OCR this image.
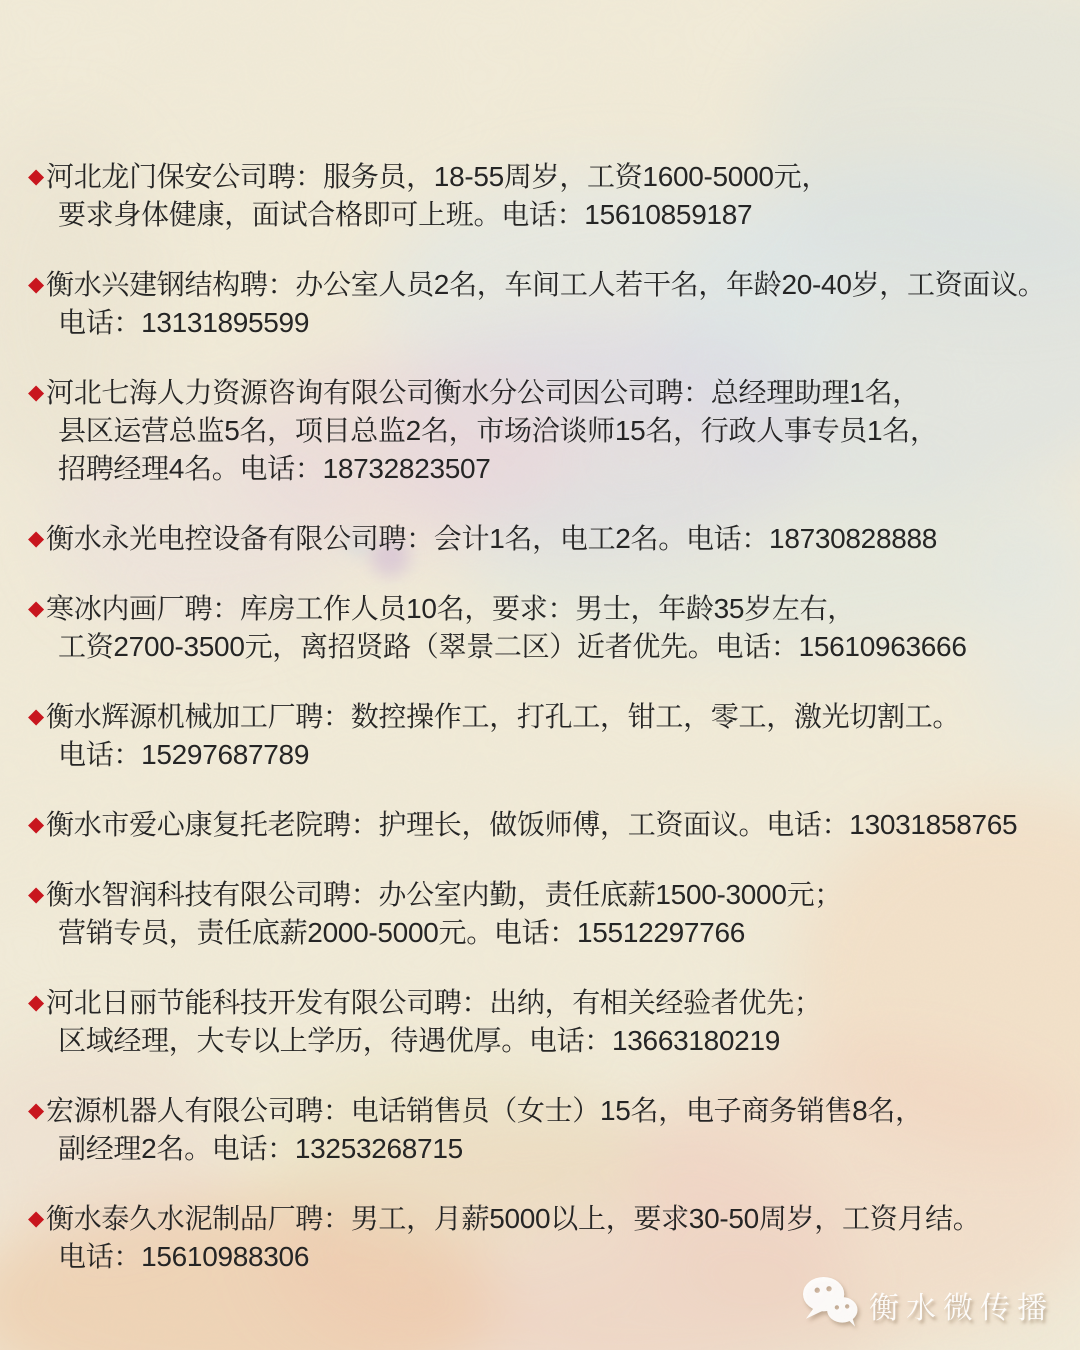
◆ 河北龙门保安公司聘：服务员，18-55周岁，工资1600-5000元，
要求身体健康，面试合格即可上班。电话：15610859187
◆ 衡水兴建钢结构聘：办公室人员2名，车间工人若干名，年龄20-40岁，工资面议。
电话：13131895599
◆ 河北七海人力资源咨询有限公司衡水分公司因公司聘：总经理助理1名，
县区运营总监5名，项目总监2名，市场洽谈师15名，行政人事专员1名，
招聘经理4名。电话：18732823507
◆ 衡水永光电控设备有限公司聘：会计1名，电工2名。电话：18730828888
◆ 寒冰内画厂聘：库房工作人员10名，要求：男士，年龄35岁左右，
工资2700-3500元，离招贤路（翠景二区）近者优先。电话：15610963666
◆ 衡水辉源机械加工厂聘：数控操作工，打孔工，钳工，零工，激光切割工。
电话：15297687789
◆ 衡水市爱心康复托老院聘：护理长，做饭师傅，工资面议。电话：13031858765
◆ 衡水智润科技有限公司聘：办公室内勤，责任底薪1500-3000元；
营销专员，责任底薪2000-5000元。电话：15512297766
◆ 河北日丽节能科技开发有限公司聘：出纳，有相关经验者优先；
区域经理，大专以上学历，待遇优厚。电话：13663180219
◆ 宏源机器人有限公司聘：电话销售员（女士）15名，电子商务销售8名，
副经理2名。电话：13253268715
◆ 衡水泰久水泥制品厂聘：男工，月薪5000以上，要求30-50周岁，工资月结。
电话：15610988306
衡水微传播
